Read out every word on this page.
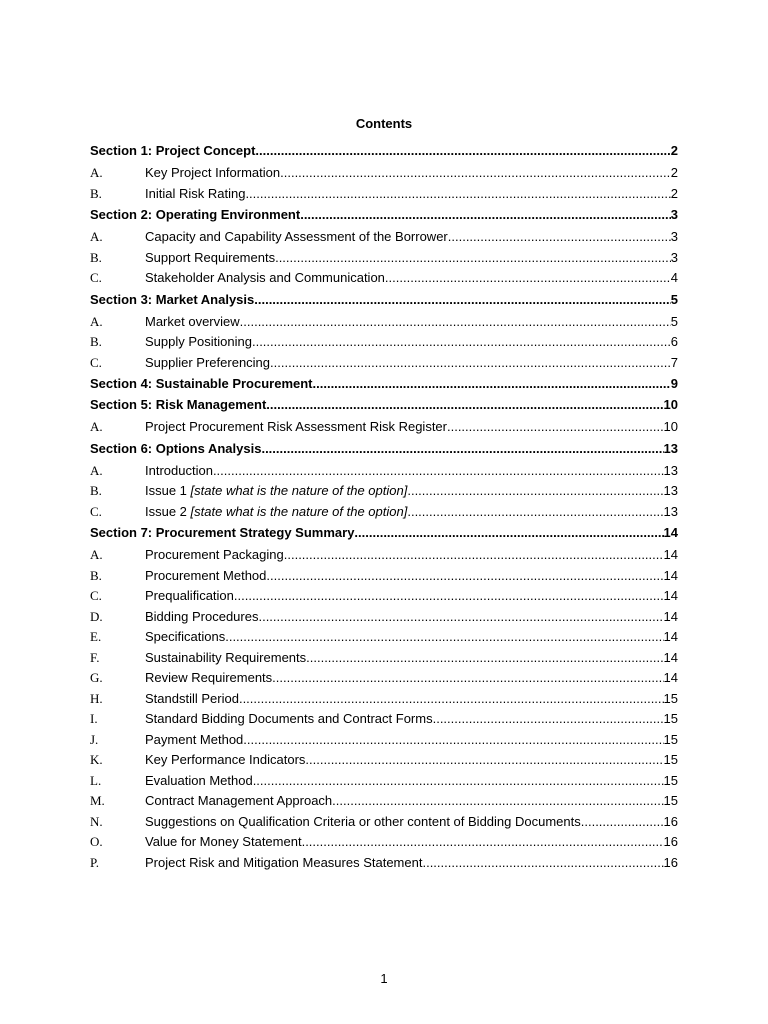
Contents
Section 1: Project Concept .....	2
A.	Key Project Information .....	2
B.	Initial Risk Rating .....	2
Section 2: Operating Environment .....	3
A.	Capacity and Capability Assessment of the Borrower .....	3
B.	Support Requirements .....	3
C.	Stakeholder Analysis and Communication .....	4
Section 3: Market Analysis .....	5
A.	Market overview .....	5
B.	Supply Positioning .....	6
C.	Supplier Preferencing .....	7
Section 4: Sustainable Procurement .....	9
Section 5: Risk Management .....	10
A.	Project Procurement Risk Assessment Risk Register .....	10
Section 6: Options Analysis .....	13
A.	Introduction .....	13
B.	Issue 1 [state what is the nature of the option] .....	13
C.	Issue 2 [state what is the nature of the option] .....	13
Section 7: Procurement Strategy Summary .....	14
A.	Procurement Packaging .....	14
B.	Procurement Method .....	14
C.	Prequalification .....	14
D.	Bidding Procedures .....	14
E.	Specifications .....	14
F.	Sustainability Requirements .....	14
G.	Review Requirements .....	14
H.	Standstill Period .....	15
I.	Standard Bidding Documents and Contract Forms .....	15
J.	Payment Method .....	15
K.	Key Performance Indicators .....	15
L.	Evaluation Method .....	15
M.	Contract Management Approach .....	15
N.	Suggestions on Qualification Criteria or other content of Bidding Documents .....	16
O.	Value for Money Statement .....	16
P.	Project Risk and Mitigation Measures Statement .....	16
1
